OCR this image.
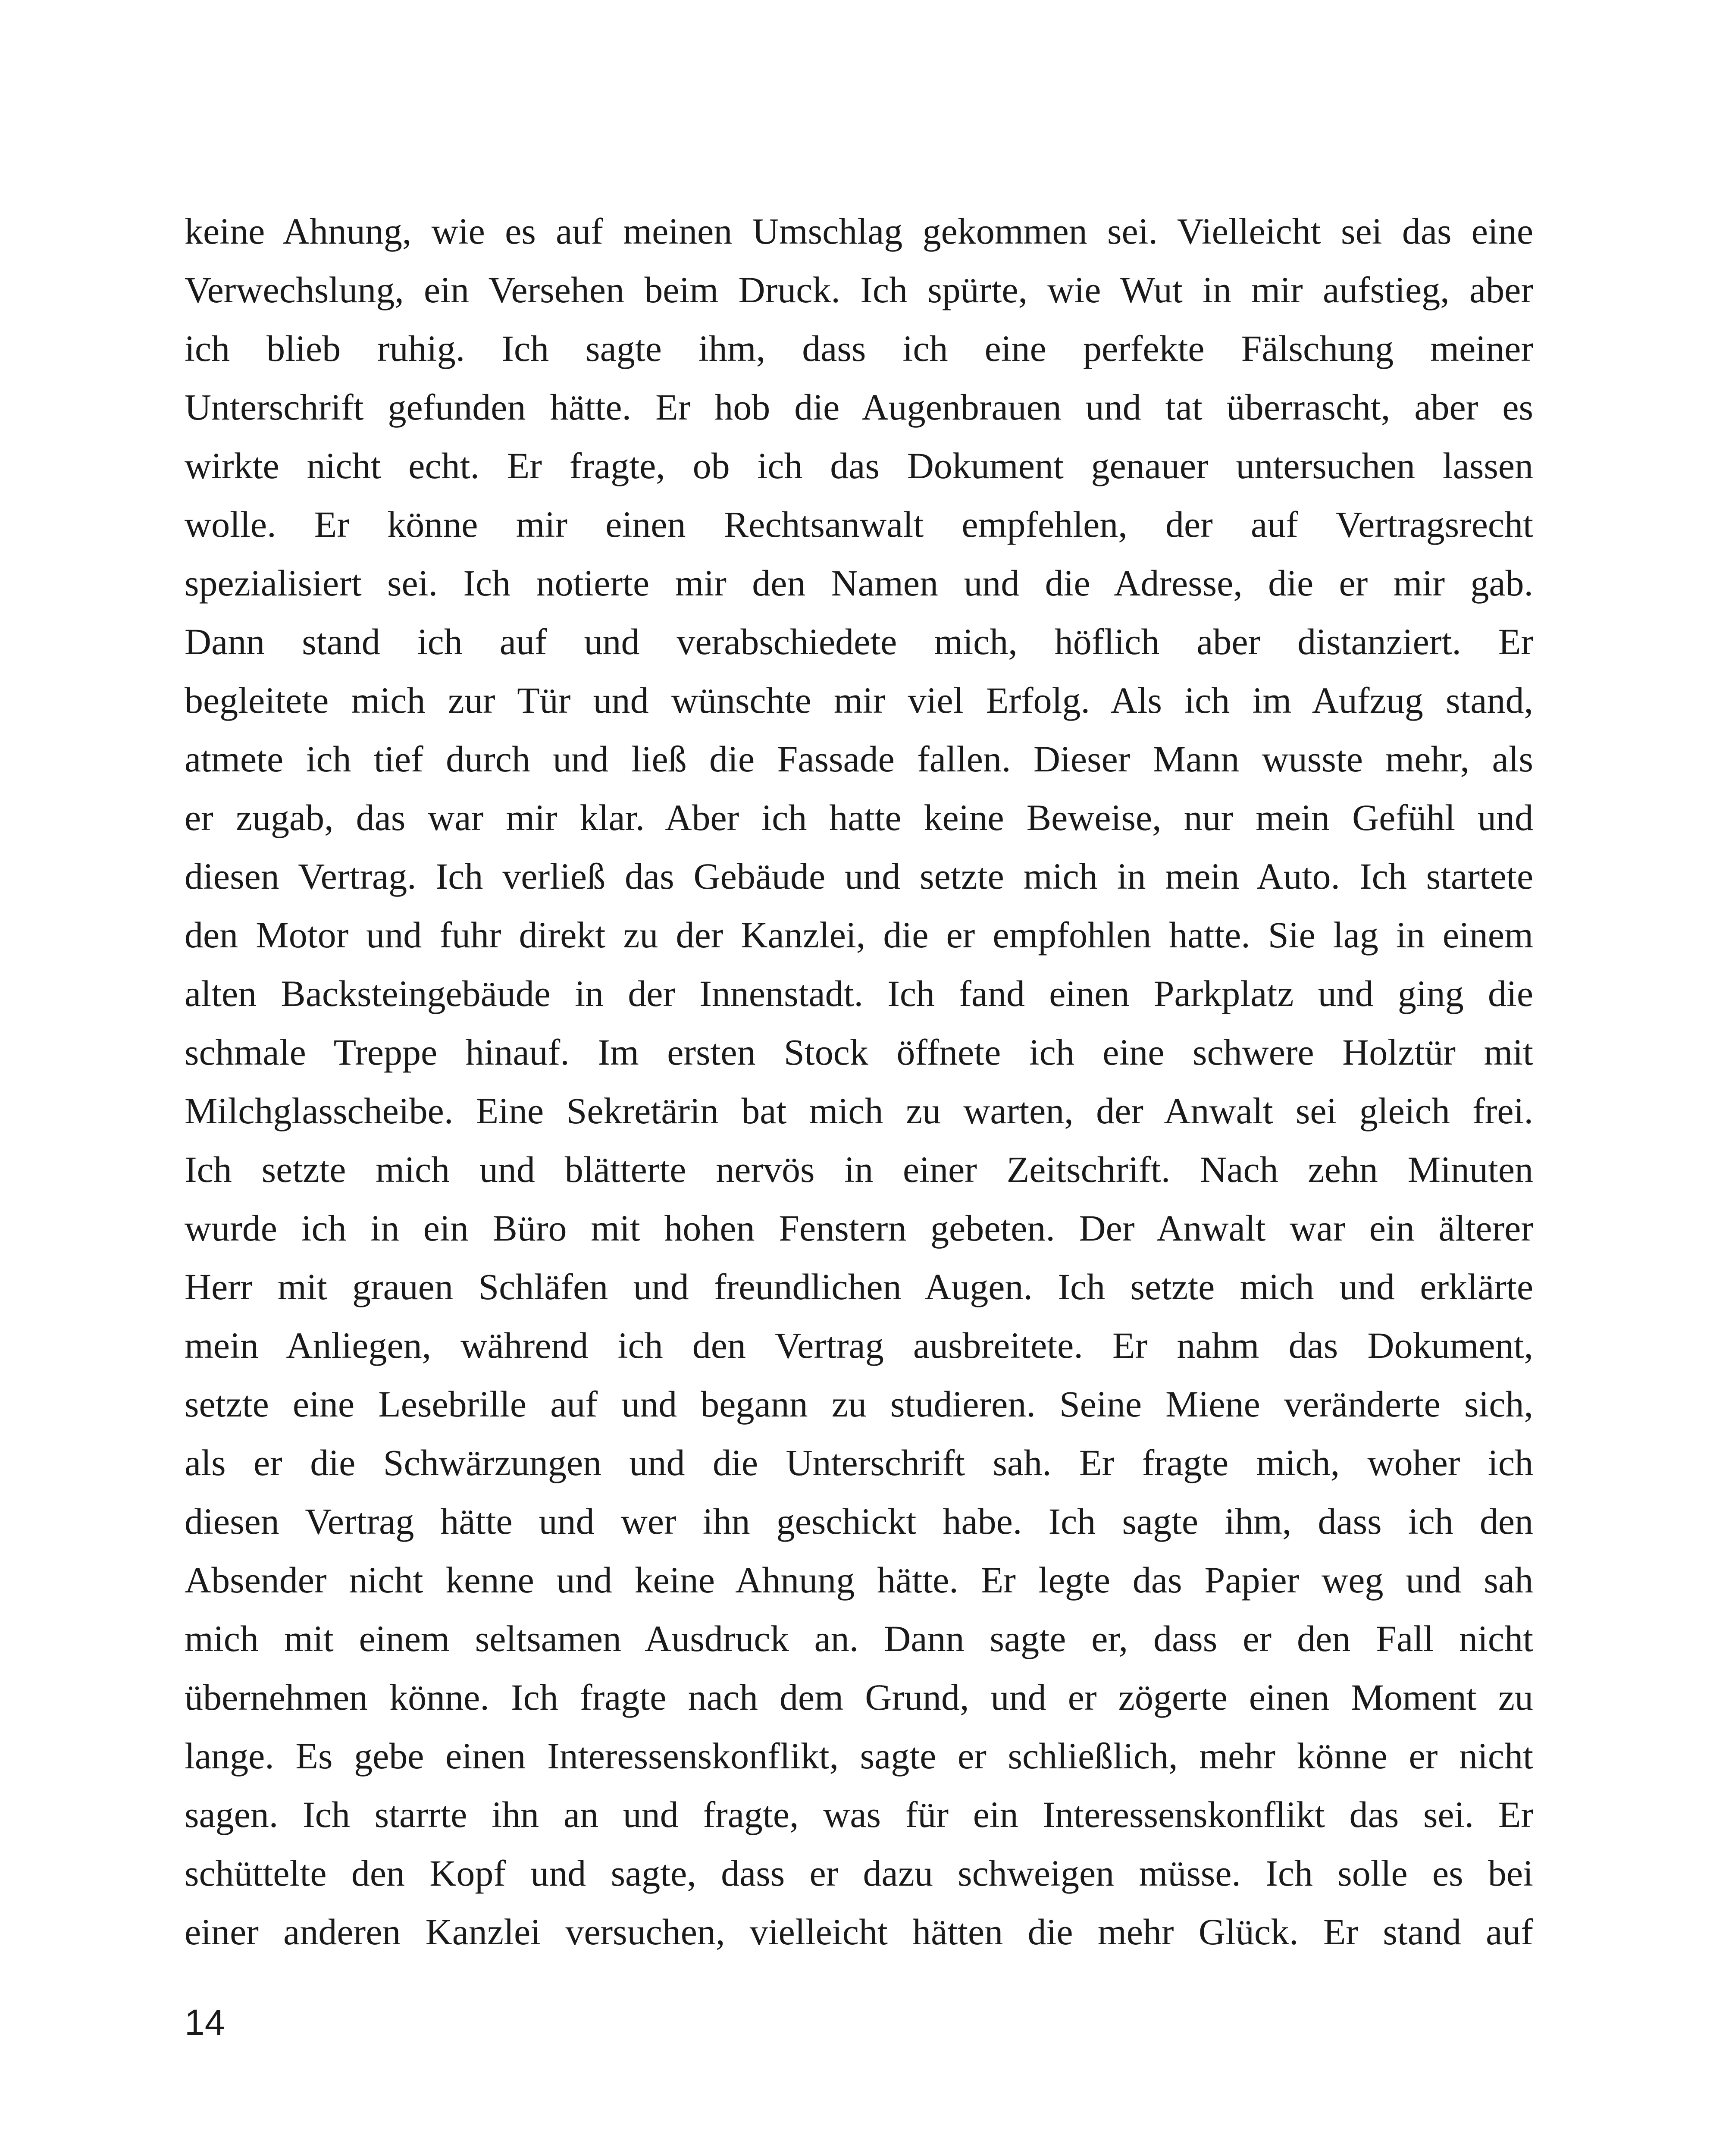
keine Ahnung, wie es auf meinen Umschlag gekommen sei. Vielleicht sei das eine
Verwechslung, ein Versehen beim Druck. Ich spürte, wie Wut in mir aufstieg, aber
ich blieb ruhig. Ich sagte ihm, dass ich eine perfekte Fälschung meiner
Unterschrift gefunden hätte. Er hob die Augenbrauen und tat überrascht, aber es
wirkte nicht echt. Er fragte, ob ich das Dokument genauer untersuchen lassen
wolle. Er könne mir einen Rechtsanwalt empfehlen, der auf Vertragsrecht
spezialisiert sei. Ich notierte mir den Namen und die Adresse, die er mir gab.
Dann stand ich auf und verabschiedete mich, höflich aber distanziert. Er
begleitete mich zur Tür und wünschte mir viel Erfolg. Als ich im Aufzug stand,
atmete ich tief durch und ließ die Fassade fallen. Dieser Mann wusste mehr, als
er zugab, das war mir klar. Aber ich hatte keine Beweise, nur mein Gefühl und
diesen Vertrag. Ich verließ das Gebäude und setzte mich in mein Auto. Ich startete
den Motor und fuhr direkt zu der Kanzlei, die er empfohlen hatte. Sie lag in einem
alten Backsteingebäude in der Innenstadt. Ich fand einen Parkplatz und ging die
schmale Treppe hinauf. Im ersten Stock öffnete ich eine schwere Holztür mit
Milchglasscheibe. Eine Sekretärin bat mich zu warten, der Anwalt sei gleich frei.
Ich setzte mich und blätterte nervös in einer Zeitschrift. Nach zehn Minuten
wurde ich in ein Büro mit hohen Fenstern gebeten. Der Anwalt war ein älterer
Herr mit grauen Schläfen und freundlichen Augen. Ich setzte mich und erklärte
mein Anliegen, während ich den Vertrag ausbreitete. Er nahm das Dokument,
setzte eine Lesebrille auf und begann zu studieren. Seine Miene veränderte sich,
als er die Schwärzungen und die Unterschrift sah. Er fragte mich, woher ich
diesen Vertrag hätte und wer ihn geschickt habe. Ich sagte ihm, dass ich den
Absender nicht kenne und keine Ahnung hätte. Er legte das Papier weg und sah
mich mit einem seltsamen Ausdruck an. Dann sagte er, dass er den Fall nicht
übernehmen könne. Ich fragte nach dem Grund, und er zögerte einen Moment zu
lange. Es gebe einen Interessenskonflikt, sagte er schließlich, mehr könne er nicht
sagen. Ich starrte ihn an und fragte, was für ein Interessenskonflikt das sei. Er
schüttelte den Kopf und sagte, dass er dazu schweigen müsse. Ich solle es bei
einer anderen Kanzlei versuchen, vielleicht hätten die mehr Glück. Er stand auf
14
